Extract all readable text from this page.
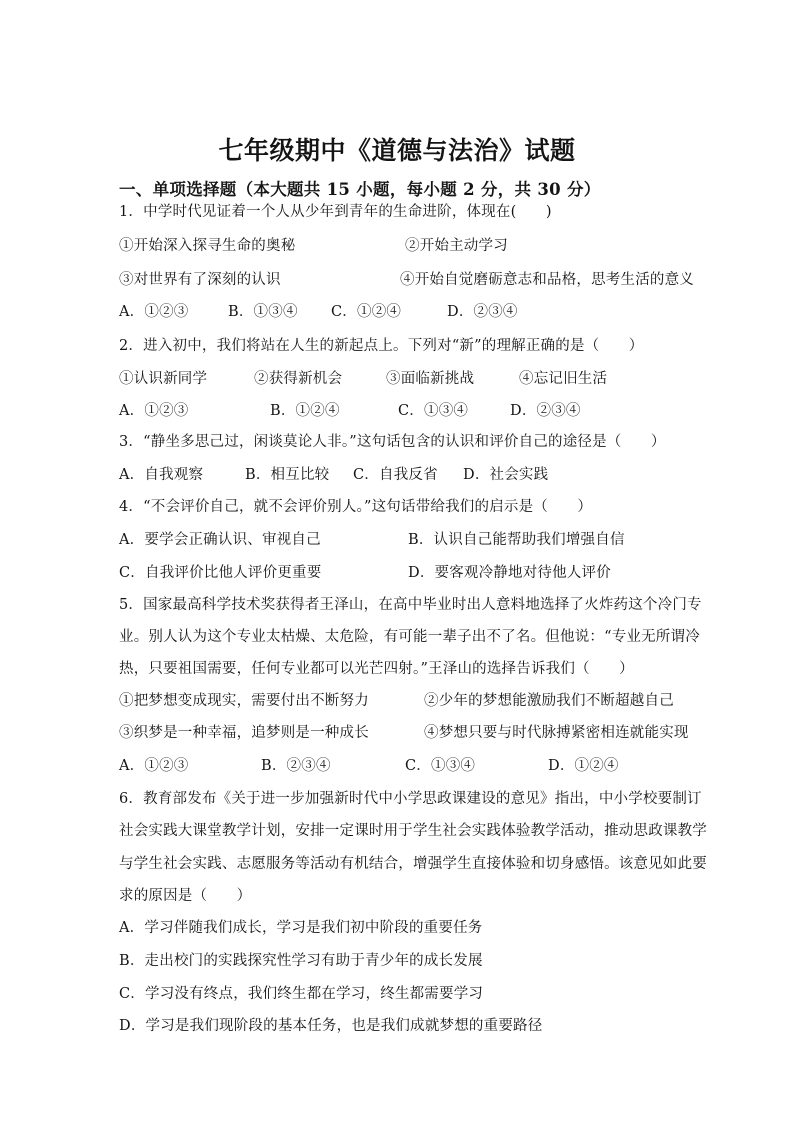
七年级期中《道德与法治》试题
一、单项选择题（本大题共 15 小题，每小题 2 分，共 30 分）
1．中学时代见证着一个人从少年到青年的生命进阶，体现在(　　)
①开始深入探寻生命的奥秘	②开始主动学习
③对世界有了深刻的认识	④开始自觉磨砺意志和品格，思考生活的意义
A．①②③	B．①③④ C．①②④	D．②③④
2．进入初中，我们将站在人生的新起点上。下列对“新”的理解正确的是（　　）
①认识新同学	②获得新机会	③面临新挑战	④忘记旧生活
A．①②③	B．①②④	C．①③④	D．②③④
3．“静坐多思己过，闲谈莫论人非。”这句话包含的认识和评价自己的途径是（　　）
A．自我观察	B．相互比较 C．自我反省 D．社会实践
4．“不会评价自己，就不会评价别人。”这句话带给我们的启示是（　　）
A．要学会正确认识、审视自己	B．认识自己能帮助我们增强自信
C．自我评价比他人评价更重要	D．要客观冷静地对待他人评价
5．国家最高科学技术奖获得者王泽山，在高中毕业时出人意料地选择了火炸药这个冷门专
业。别人认为这个专业太枯燥、太危险，有可能一辈子出不了名。但他说：“专业无所谓冷
热，只要祖国需要，任何专业都可以光芒四射。”王泽山的选择告诉我们（　　）
①把梦想变成现实，需要付出不断努力	②少年的梦想能激励我们不断超越自己
③织梦是一种幸福，追梦则是一种成长	④梦想只要与时代脉搏紧密相连就能实现
A．①②③	B．②③④	C．①③④	D．①②④
6．教育部发布《关于进一步加强新时代中小学思政课建设的意见》指出，中小学校要制订
社会实践大课堂教学计划，安排一定课时用于学生社会实践体验教学活动，推动思政课教学
与学生社会实践、志愿服务等活动有机结合，增强学生直接体验和切身感悟。该意见如此要
求的原因是（　　）
A．学习伴随我们成长，学习是我们初中阶段的重要任务
B．走出校门的实践探究性学习有助于青少年的成长发展
C．学习没有终点，我们终生都在学习，终生都需要学习
D．学习是我们现阶段的基本任务，也是我们成就梦想的重要路径
